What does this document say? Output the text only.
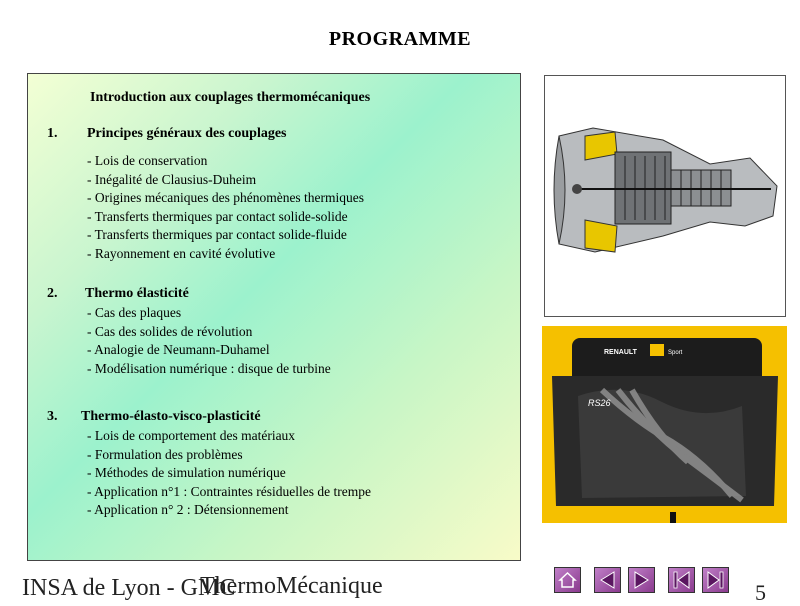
PROGRAMME
Introduction aux couplages thermomécaniques
1. Principes généraux des couplages
- Lois de conservation
- Inégalité de Clausius-Duheim
- Origines mécaniques des phénomènes thermiques
- Transferts thermiques par contact solide-solide
- Transferts thermiques par contact solide-fluide
- Rayonnement en cavité évolutive
2. Thermo élasticité
- Cas des plaques
- Cas des solides de révolution
- Analogie de Neumann-Duhamel
- Modélisation numérique : disque de turbine
3. Thermo-élasto-visco-plasticité
- Lois de comportement des matériaux
- Formulation des problèmes
- Méthodes de simulation numérique
- Application n°1 : Contraintes résiduelles de trempe
- Application n° 2 : Détensionnement
RENAULT	Sport
RS26
INSA de Lyon - GMC
ThermoMécanique	5
